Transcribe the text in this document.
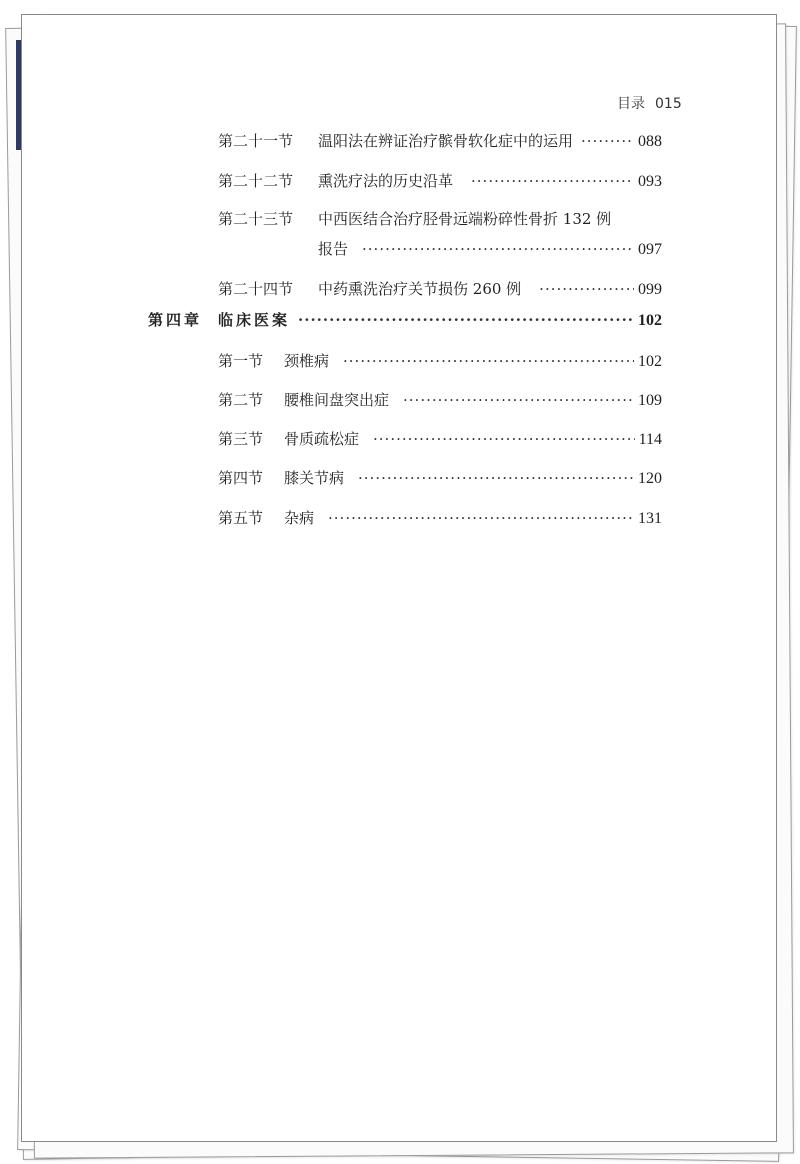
目录 015
第二十一节	温阳法在辨证治疗髌骨软化症中的运用 ·····	088
第二十二节	熏洗疗法的历史沿革 ·····	093
第二十三节	中西医结合治疗胫骨远端粉碎性骨折 132 例
报告 ·····	097
第二十四节	中药熏洗治疗关节损伤 260 例 ·····	099
第四章	临床医案 ·····	102
第一节	颈椎病 ·····	102
第二节	腰椎间盘突出症 ·····	109
第三节	骨质疏松症 ·····	114
第四节	膝关节病 ·····	120
第五节	杂病 ·····	131
